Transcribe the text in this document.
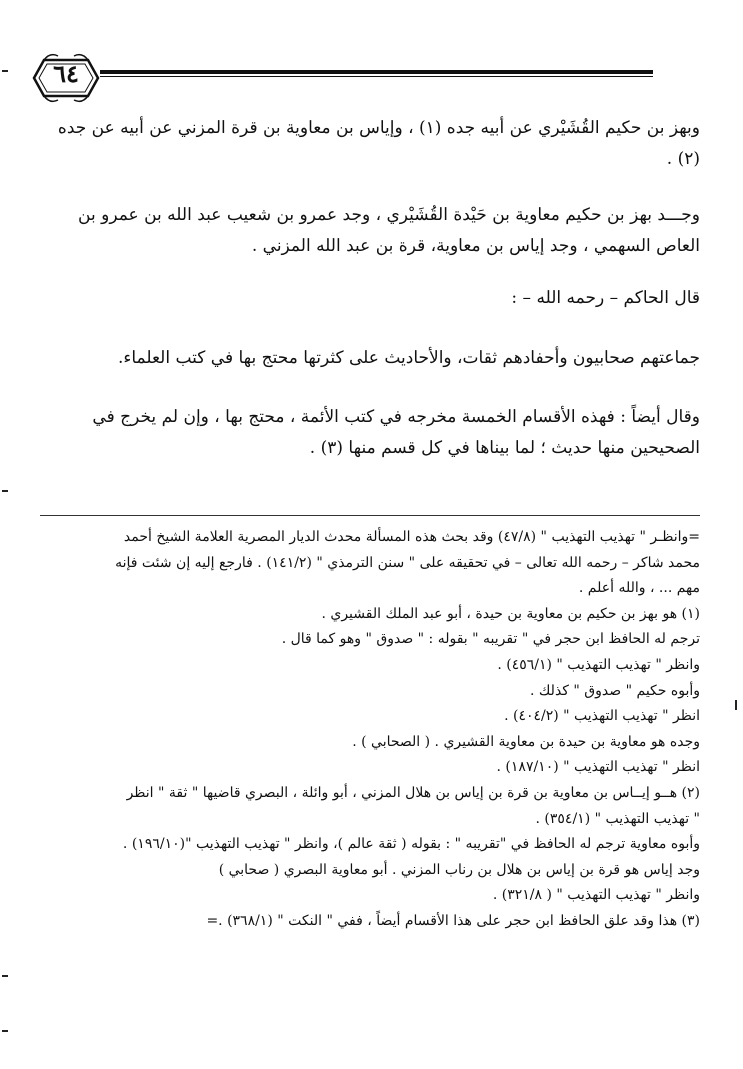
٦٤

وبهز بن حكيم القُشَيْري عن أبيه جده (١) ، وإياس بن معاوية بن قرة المزني عن أبيه عن جده (٢) .

وجـــد بهز بن حكيم معاوية بن حَيْدة القُشَيْري ، وجد عمرو بن شعيب عبد الله بن عمرو بن العاص السهمي ، وجد إياس بن معاوية، قرة بن عبد الله المزني .

قال الحاكم – رحمه الله – :

جماعتهم صحابيون وأحفادهم ثقات، والأحاديث على كثرتها محتج بها في كتب العلماء.

وقال أيضاً : فهذه الأقسام الخمسة مخرجه في كتب الأئمة ، محتج بها ، وإن لم يخرج في الصحيحين منها حديث ؛ لما بيناها في كل قسم منها (٣) .

=وانظـر " تهذيب التهذيب " (٤٧/٨) وقد بحث هذه المسألة محدث الديار المصرية العلامة الشيخ أحمد

محمد شاكر – رحمه الله تعالى – في تحقيقه على " سنن الترمذي " (١٤١/٢) . فارجع إليه إن شئت فإنه

مهم ... ، والله أعلم .

(١) هو بهز بن حكيم بن معاوية بن حيدة ، أبو عبد الملك القشيري .

ترجم له الحافظ ابن حجر في " تقريبه " بقوله : " صدوق " وهو كما قال .

وانظر " تهذيب التهذيب " (٤٥٦/١) .

وأبوه حكيم " صدوق " كذلك .

انظر " تهذيب التهذيب " (٤٠٤/٢) .

وجده هو معاوية بن حيدة بن معاوية القشيري . ( الصحابي ) .

انظر " تهذيب التهذيب " (١٨٧/١٠) .

(٢) هــو إيــاس بن معاوية بن قرة بن إياس بن هلال المزني ، أبو وائلة ، البصري قاضيها " ثقة " انظر

" تهذيب التهذيب " (٣٥٤/١) .

وأبوه معاوية ترجم له الحافظ في "تقريبه " : بقوله ( ثقة عالم )، وانظر " تهذيب التهذيب "(١٩٦/١٠) .

وجد إياس هو قرة بن إياس بن هلال بن رناب المزني . أبو معاوية البصري ( صحابي )

وانظر " تهذيب التهذيب " ( ٣٢١/٨) .

(٣) هذا وقد علق الحافظ ابن حجر على هذا الأقسام أيضاً ، ففي " النكت " (٣٦٨/١) .=
